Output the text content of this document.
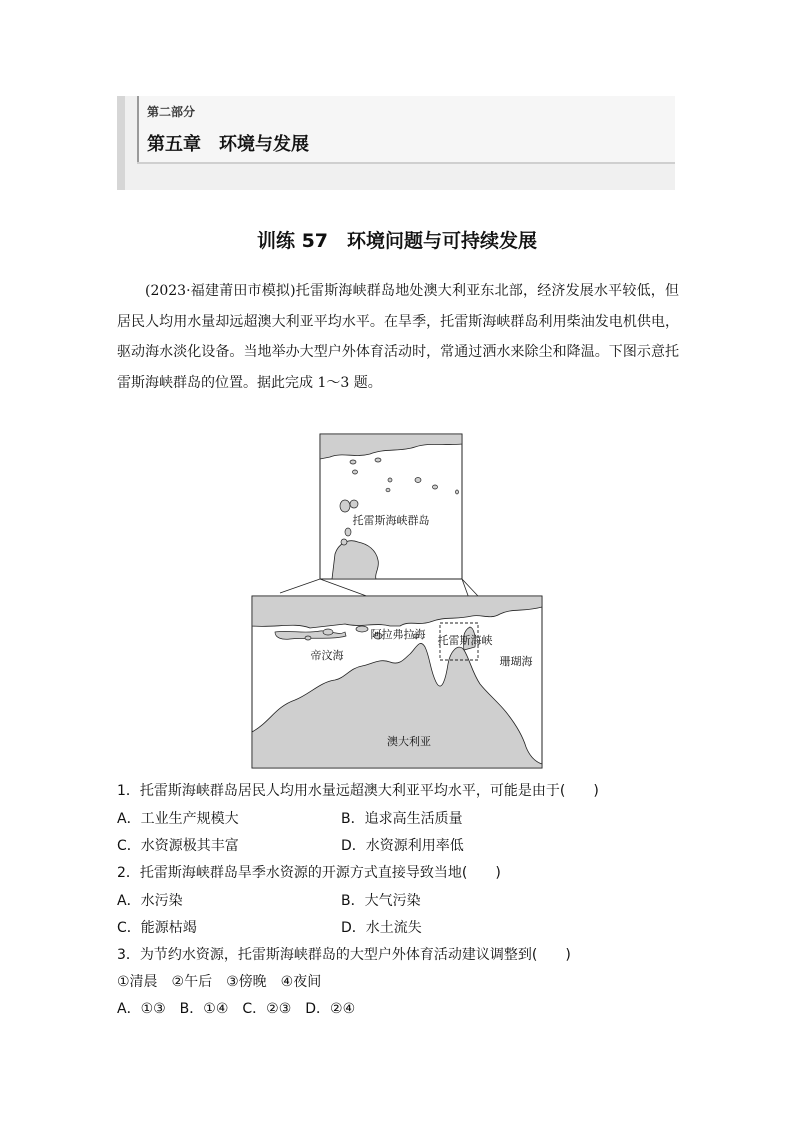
第二部分
第五章　环境与发展
训练 57　环境问题与可持续发展
(2023·福建莆田市模拟)托雷斯海峡群岛地处澳大利亚东北部，经济发展水平较低，但居民人均用水量却远超澳大利亚平均水平。在旱季，托雷斯海峡群岛利用柴油发电机供电，驱动海水淡化设备。当地举办大型户外体育活动时，常通过洒水来除尘和降温。下图示意托雷斯海峡群岛的位置。据此完成 1～3 题。
托雷斯海峡群岛
阿拉弗拉海 托雷斯海峡
帝汶海	珊瑚海
澳大利亚
1．托雷斯海峡群岛居民人均用水量远超澳大利亚平均水平，可能是由于(　　)
A．工业生产规模大	B．追求高生活质量
C．水资源极其丰富	D．水资源利用率低
2．托雷斯海峡群岛旱季水资源的开源方式直接导致当地(　　)
A．水污染	B．大气污染
C．能源枯竭	D．水土流失
3．为节约水资源，托雷斯海峡群岛的大型户外体育活动建议调整到(　　)
①清晨　②午后　③傍晚　④夜间
A．①③　B．①④　C．②③　D．②④
